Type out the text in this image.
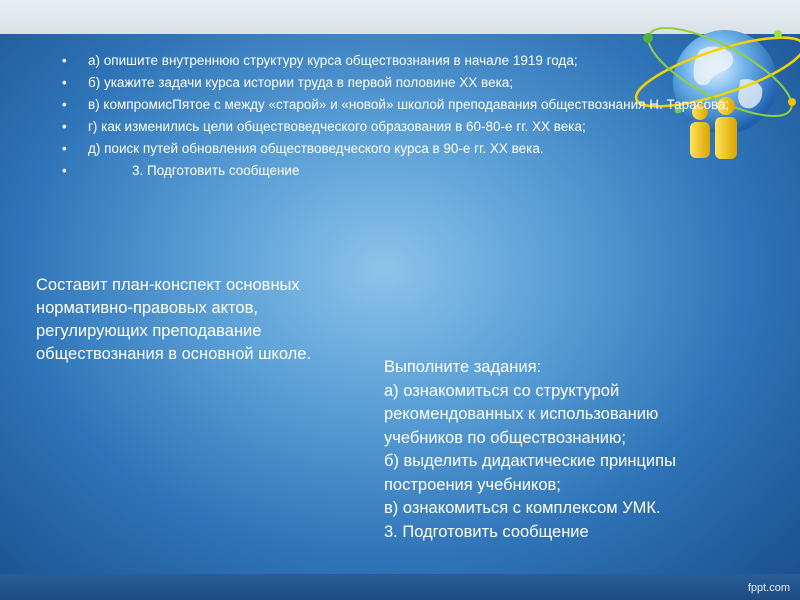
• а) опишите внутреннюю структуру курса обществознания в начале 1919 года;
• б) укажите задачи курса истории труда в первой половине XX века;
• в) компромисПятое с между «старой» и «новой» школой преподавания обществознания Н. Тарасова;
• г) как изменились цели обществоведческого образования в 60-80-е гг. XX века;
• д) поиск путей обновления обществоведческого курса в 90-е гг. XX века.
•	3. Подготовить сообщение
Составит план-конспект основных
нормативно-правовых актов,
регулирующих преподавание
обществознания в основной школе.
Выполните задания:
а) ознакомиться со структурой
рекомендованных к использованию
учебников по обществознанию;
б) выделить дидактические принципы
построения учебников;
в) ознакомиться с комплексом УМК.
3. Подготовить сообщение
fppt.com
